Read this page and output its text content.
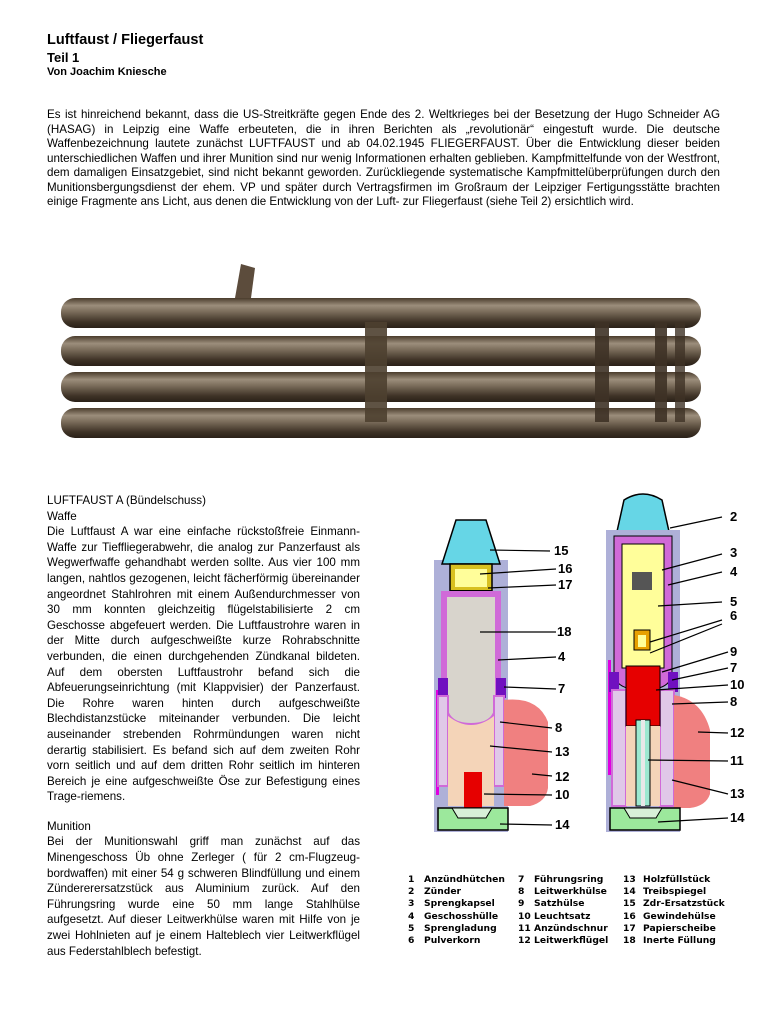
Luftfaust / Fliegerfaust
Teil 1
Von Joachim Kniesche

Es ist hinreichend bekannt, dass die US-Streitkräfte gegen Ende des 2. Weltkrieges bei der Besetzung der Hugo Schneider AG (HASAG) in Leipzig eine Waffe erbeuteten, die in ihren Berichten als „revolutionär“ eingestuft wurde. Die deutsche Waffenbezeichnung lautete zunächst LUFTFAUST und ab 04.02.1945 FLIEGERFAUST. Über die Entwicklung dieser beiden unterschiedlichen Waffen und ihrer Munition sind nur wenig Informationen erhalten geblieben. Kampfmittelfunde von der Westfront, dem damaligen Einsatzgebiet, sind nicht bekannt geworden. Zurückliegende systematische Kampfmittelüberprüfungen durch den Munitionsbergungsdienst der ehem. VP und später durch Vertragsfirmen im Großraum der Leipziger Fertigungsstätte brachten einige Fragmente ans Licht, aus denen die Entwicklung von der Luft- zur Fliegerfaust (siehe Teil 2) ersichtlich wird.

LUFTFAUST A (Bündelschuss)

Waffe

Die Luftfaust A war eine einfache rückstoßfreie Einmann-Waffe zur Tieffliegerabwehr, die analog zur Panzerfaust als Wegwerfwaffe gehandhabt werden sollte. Aus vier 100 mm langen, nahtlos gezogenen, leicht fächerförmig übereinander angeordnet Stahlrohren mit einem Außendurchmesser von 30 mm konnten gleichzeitig flügelstabilisierte 2 cm Geschosse abgefeuert werden. Die Luftfaustrohre waren in der Mitte durch aufgeschweißte kurze Rohrabschnitte verbunden, die einen durchgehenden Zündkanal bildeten. Auf dem obersten Luftfaustrohr befand sich die Abfeuerungseinrichtung (mit Klappvisier) der Panzerfaust. Die Rohre waren hinten durch aufgeschweißte Blechdistanzstücke miteinander verbunden. Die leicht auseinander strebenden Rohrmündungen waren nicht derartig stabilisiert. Es befand sich auf dem zweiten Rohr vorn seitlich und auf dem dritten Rohr seitlich im hinteren Bereich je eine aufgeschweißte Öse zur Befestigung eines Trage-riemens.

Munition

Bei der Munitionswahl griff man zunächst auf das Minengeschoss Üb ohne Zerleger ( für 2 cm-Flugzeug-bordwaffen) mit einer 54 g schweren Blindfüllung und einem Zündererersatzstück aus Aluminium zurück. Auf den Führungsring wurde eine 50 mm lange Stahlhülse aufgesetzt. Auf dieser Leitwerkhülse waren mit Hilfe von je zwei Hohlnieten auf je einem Halteblech vier Leitwerkflügel aus Federstahlblech befestigt.

15
16
17
18
4
7
8
13
12
10
14
2
3
4
5
6
9
7
10
8
12
11
13
14
1 Anzündhütchen	7 Führungsring	13 Holzfüllstück
2 Zünder	8 Leitwerkhülse	14 Treibspiegel
3 Sprengkapsel	9 Satzhülse	15 Zdr-Ersatzstück
4 Geschosshülle	10 Leuchtsatz	16 Gewindehülse
5 Sprengladung	11 Anzündschnur	17 Papierscheibe
6 Pulverkorn	12 Leitwerkflügel	18 Inerte Füllung
